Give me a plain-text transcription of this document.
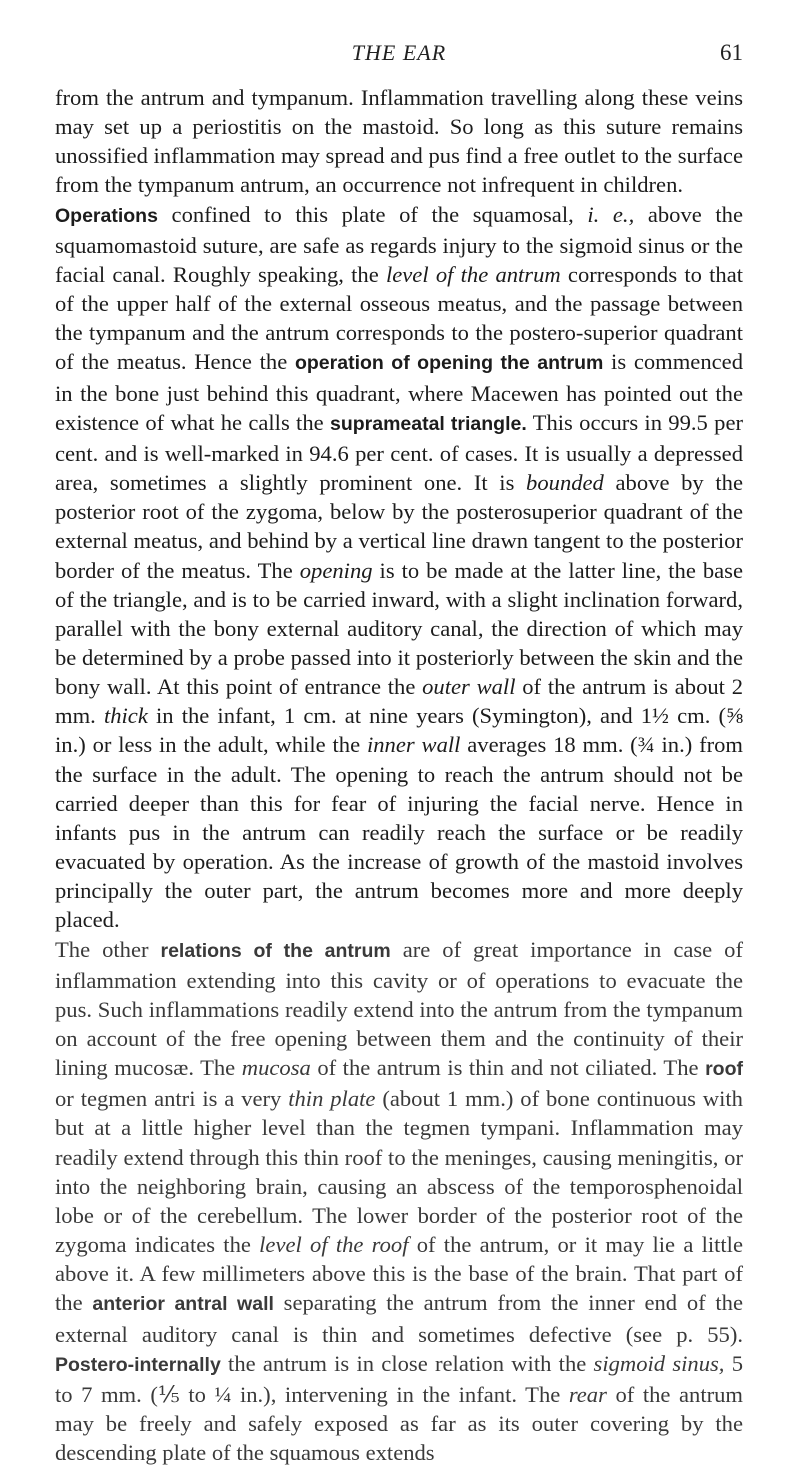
THE EAR	61

from the antrum and tympanum. Inflammation travelling along these veins may set up a periostitis on the mastoid. So long as this suture remains unossified inflammation may spread and pus find a free outlet to the surface from the tympanum antrum, an occurrence not infrequent in children.

Operations confined to this plate of the squamosal, i. e., above the squamomastoid suture, are safe as regards injury to the sigmoid sinus or the facial canal. Roughly speaking, the level of the antrum corresponds to that of the upper half of the external osseous meatus, and the passage between the tympanum and the antrum corresponds to the postero-superior quadrant of the meatus. Hence the operation of opening the antrum is commenced in the bone just behind this quadrant, where Macewen has pointed out the existence of what he calls the suprameatal triangle. This occurs in 99.5 per cent. and is well-marked in 94.6 per cent. of cases. It is usually a depressed area, sometimes a slightly prominent one. It is bounded above by the posterior root of the zygoma, below by the posterosuperior quadrant of the external meatus, and behind by a vertical line drawn tangent to the posterior border of the meatus. The opening is to be made at the latter line, the base of the triangle, and is to be carried inward, with a slight inclination forward, parallel with the bony external auditory canal, the direction of which may be determined by a probe passed into it posteriorly between the skin and the bony wall. At this point of entrance the outer wall of the antrum is about 2 mm. thick in the infant, 1 cm. at nine years (Symington), and 1½ cm. (⅝ in.) or less in the adult, while the inner wall averages 18 mm. (¾ in.) from the surface in the adult. The opening to reach the antrum should not be carried deeper than this for fear of injuring the facial nerve. Hence in infants pus in the antrum can readily reach the surface or be readily evacuated by operation. As the increase of growth of the mastoid involves principally the outer part, the antrum becomes more and more deeply placed.

The other relations of the antrum are of great importance in case of inflammation extending into this cavity or of operations to evacuate the pus. Such inflammations readily extend into the antrum from the tympanum on account of the free opening between them and the continuity of their lining mucosæ. The mucosa of the antrum is thin and not ciliated. The roof or tegmen antri is a very thin plate (about 1 mm.) of bone continuous with but at a little higher level than the tegmen tympani. Inflammation may readily extend through this thin roof to the meninges, causing meningitis, or into the neighboring brain, causing an abscess of the temporosphenoidal lobe or of the cerebellum. The lower border of the posterior root of the zygoma indicates the level of the roof of the antrum, or it may lie a little above it. A few millimeters above this is the base of the brain. That part of the anterior antral wall separating the antrum from the inner end of the external auditory canal is thin and sometimes defective (see p. 55). Postero-internally the antrum is in close relation with the sigmoid sinus, 5 to 7 mm. (⅕ to ¼ in.), intervening in the infant. The rear of the antrum may be freely and safely exposed as far as its outer covering by the descending plate of the squamous extends
